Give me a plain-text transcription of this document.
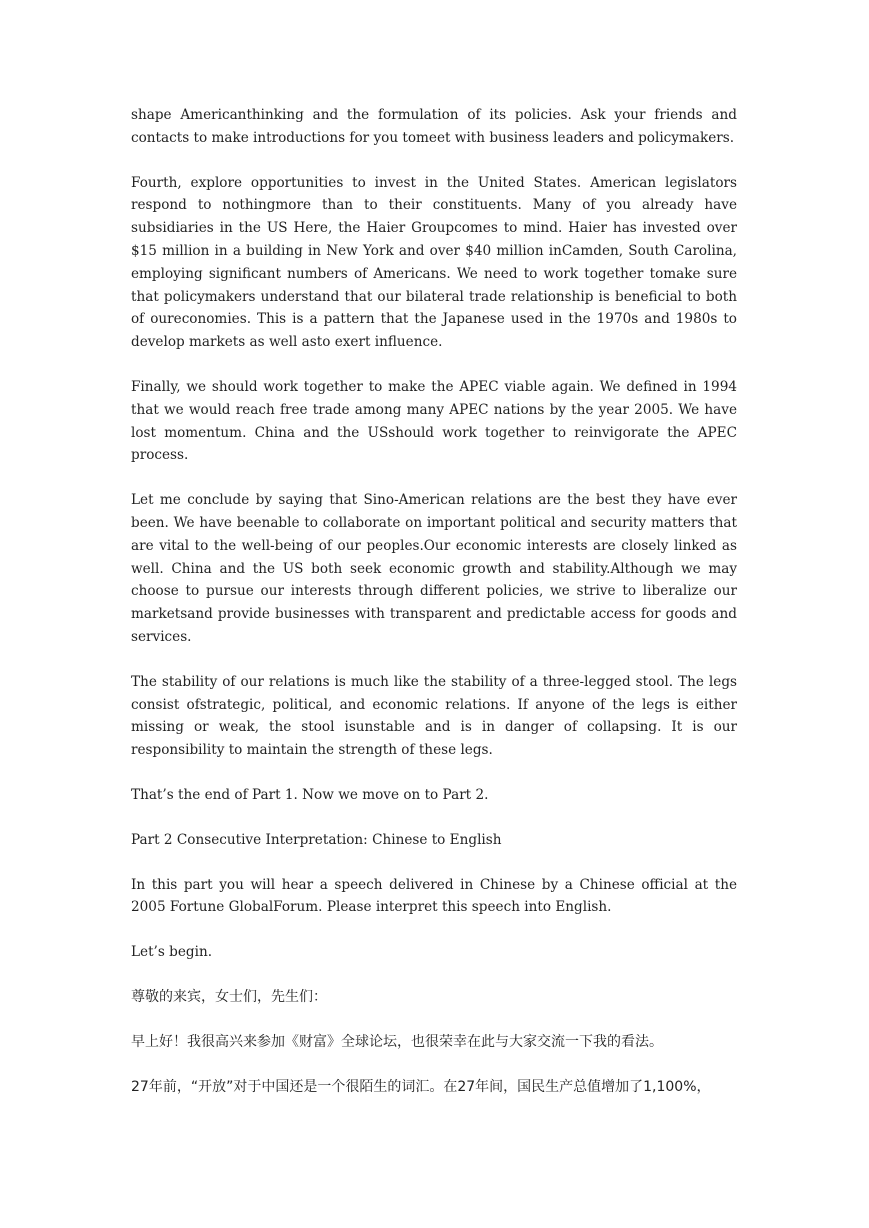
shape Americanthinking and the formulation of its policies. Ask your friends and contacts to make introductions for you tomeet with business leaders and policymakers.

Fourth, explore opportunities to invest in the United States. American legislators respond to nothingmore than to their constituents. Many of you already have subsidiaries in the US Here, the Haier Groupcomes to mind. Haier has invested over $15 million in a building in New York and over $40 million inCamden, South Carolina, employing significant numbers of Americans. We need to work together tomake sure that policymakers understand that our bilateral trade relationship is beneficial to both of oureconomies. This is a pattern that the Japanese used in the 1970s and 1980s to develop markets as well asto exert influence.

Finally, we should work together to make the APEC viable again. We defined in 1994 that we would reach free trade among many APEC nations by the year 2005. We have lost momentum. China and the USshould work together to reinvigorate the APEC process.

Let me conclude by saying that Sino-American relations are the best they have ever been. We have beenable to collaborate on important political and security matters that are vital to the well-being of our peoples.Our economic interests are closely linked as well. China and the US both seek economic growth and stability.Although we may choose to pursue our interests through different policies, we strive to liberalize our marketsand provide businesses with transparent and predictable access for goods and services.

The stability of our relations is much like the stability of a three-legged stool. The legs consist ofstrategic, political, and economic relations. If anyone of the legs is either missing or weak, the stool isunstable and is in danger of collapsing. It is our responsibility to maintain the strength of these legs.

That’s the end of Part 1. Now we move on to Part 2.

Part 2 Consecutive Interpretation: Chinese to English

In this part you will hear a speech delivered in Chinese by a Chinese official at the 2005 Fortune GlobalForum. Please interpret this speech into English.

Let’s begin.

尊敬的来宾，女士们，先生们：

早上好！我很高兴来参加《财富》全球论坛，也很荣幸在此与大家交流一下我的看法。

27年前，“开放”对于中国还是一个很陌生的词汇。在27年间，国民生产总值增加了1,100%，
